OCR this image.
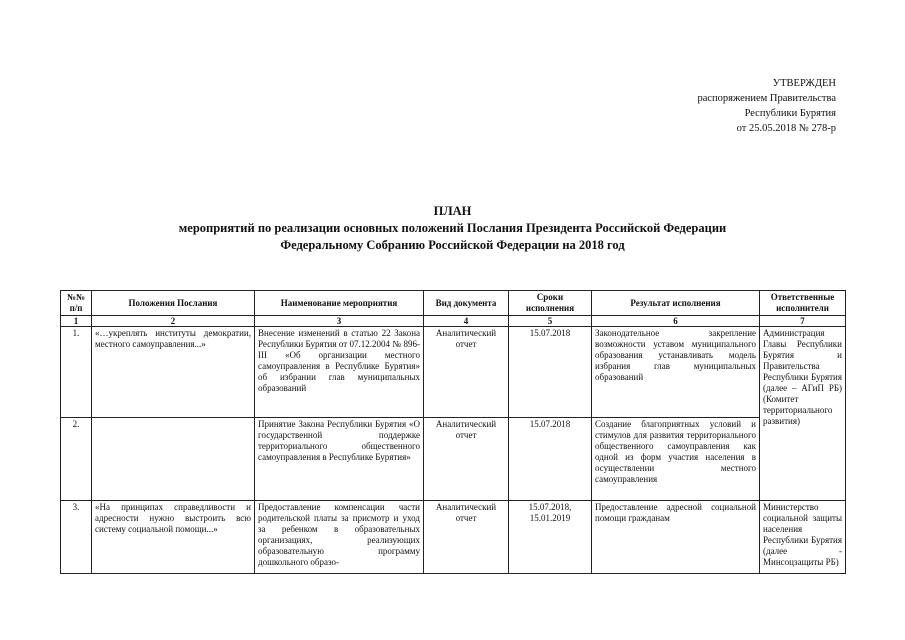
УТВЕРЖДЕН
распоряжением Правительства
Республики Бурятия
от 25.05.2018 № 278-р
ПЛАН
мероприятий по реализации основных положений Послания Президента Российской Федерации
Федеральному Собранию Российской Федерации на 2018 год
№№ п/п	Положения Послания	Наименование мероприятия	Вид документа	Сроки исполнения	Результат исполнения	Ответственные исполнители
1	2	3	4	5	6	7
1.	«…укреплять институты демократии, местного самоуправления...»	Внесение изменений в статью 22 Закона Республики Бурятия от 07.12.2004 № 896-III «Об организации местного самоуправления в Республике Бурятия» об избрании глав муниципальных образований	Аналитический отчет	15.07.2018	Законодательное закрепление возможности уставом муниципального образования устанавливать модель избрания глав муниципальных образований	Администрация Главы Республики Бурятия и Правительства Республики Бурятия (далее – АГиП РБ) (Комитет территориального развития)
2.		Принятие Закона Республики Бурятия «О государственной поддержке территориального общественного самоуправления в Республике Бурятия»	Аналитический отчет	15.07.2018	Создание благоприятных условий и стимулов для развития территориального общественного самоуправления как одной из форм участия населения в осуществлении местного самоуправления	
3.	«На принципах справедливости и адресности нужно выстроить всю систему социальной помощи...»	Предоставление компенсации части родительской платы за присмотр и уход за ребенком в образовательных организациях, реализующих образовательную программу дошкольного образо-	Аналитический отчет	15.07.2018, 15.01.2019	Предоставление адресной социальной помощи гражданам	Министерство социальной защиты населения Республики Бурятия (далее - Минсоцзащиты РБ)
